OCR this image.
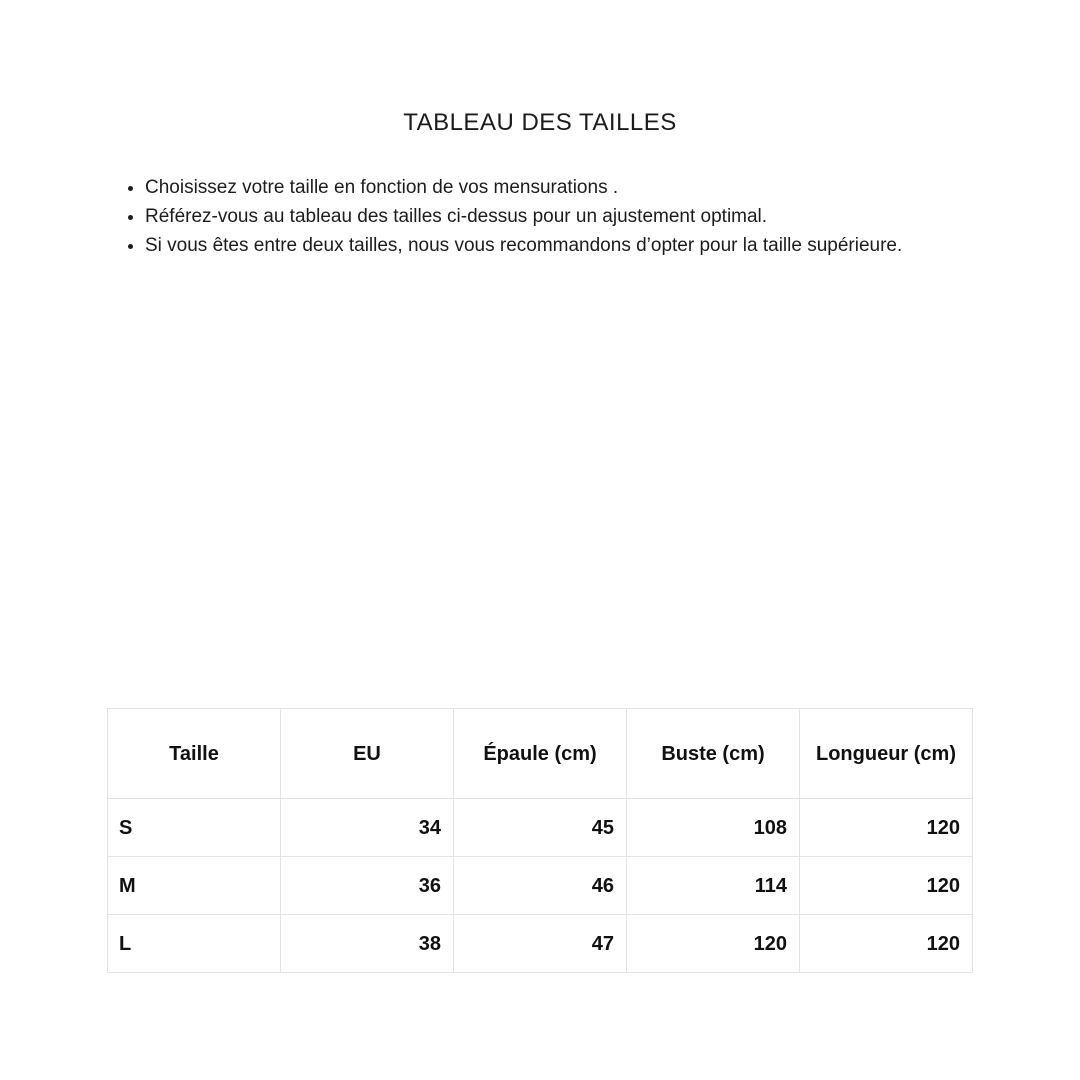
TABLEAU DES TAILLES
• Choisissez votre taille en fonction de vos mensurations .
• Référez-vous au tableau des tailles ci-dessus pour un ajustement optimal.
• Si vous êtes entre deux tailles, nous vous recommandons d’opter pour la taille supérieure.
Taille	EU	Épaule (cm)	Buste (cm)	Longueur (cm)
S	34	45	108	120
M	36	46	114	120
L	38	47	120	120
